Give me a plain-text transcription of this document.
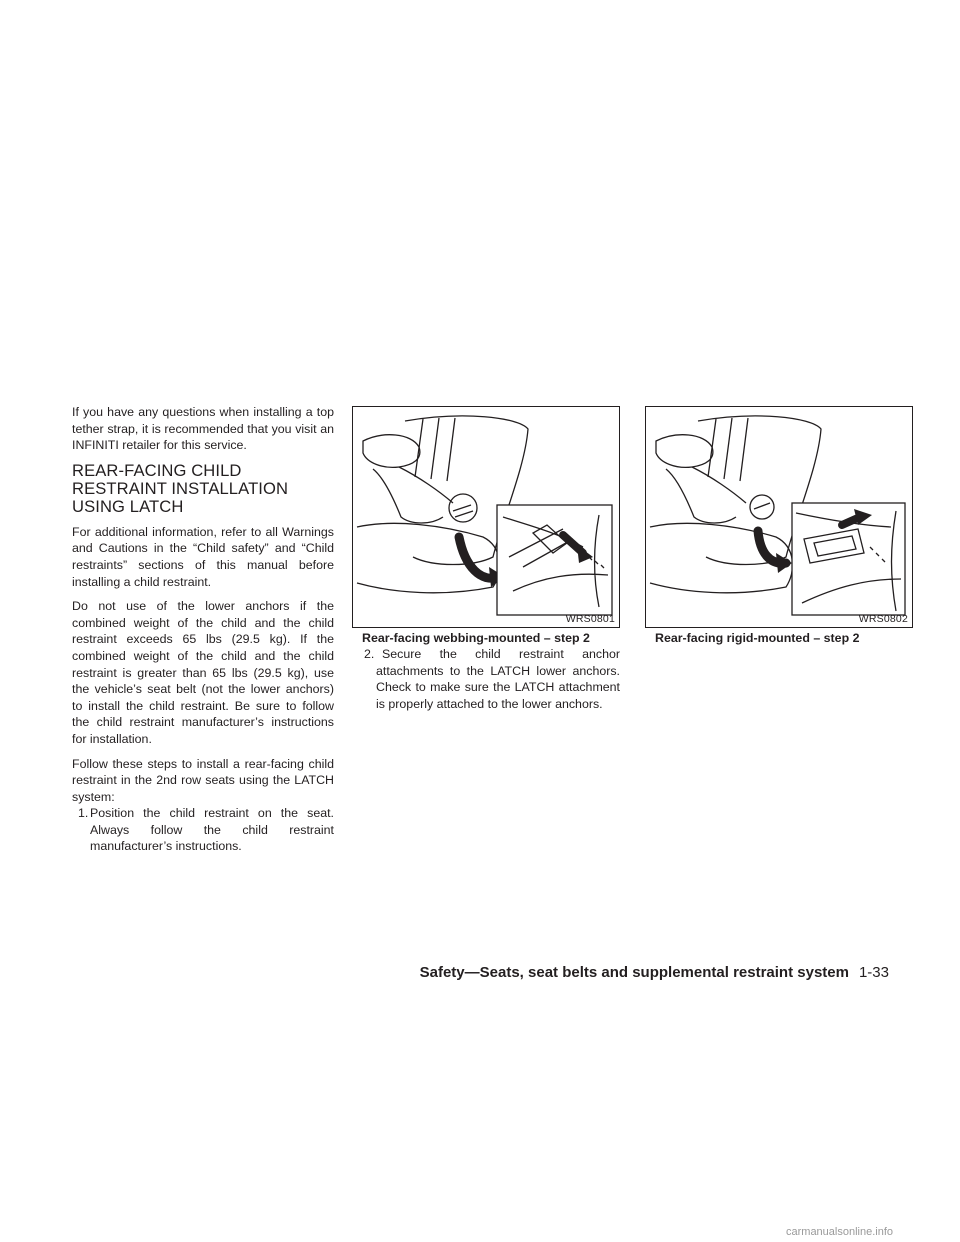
If you have any questions when installing a top tether strap, it is recommended that you visit an INFINITI retailer for this service.

REAR-FACING CHILD RESTRAINT INSTALLATION USING LATCH

For additional information, refer to all Warnings and Cautions in the “Child safety” and “Child restraints” sections of this manual before installing a child restraint.

Do not use of the lower anchors if the combined weight of the child and the child restraint exceeds 65 lbs (29.5 kg). If the combined weight of the child and the child restraint is greater than 65 lbs (29.5 kg), use the vehicle’s seat belt (not the lower anchors) to install the child restraint. Be sure to follow the child restraint manufacturer’s instructions for installation.

Follow these steps to install a rear-facing child restraint in the 2nd row seats using the LATCH system:

1. Position the child restraint on the seat. Always follow the child restraint manufacturer’s instructions.

WRS0801
Rear-facing webbing-mounted – step 2
WRS0802
Rear-facing rigid-mounted – step 2

2. Secure the child restraint anchor attachments to the LATCH lower anchors. Check to make sure the LATCH attachment is properly attached to the lower anchors.

Safety—Seats, seat belts and supplemental restraint system 1-33
carmanualsonline.info
